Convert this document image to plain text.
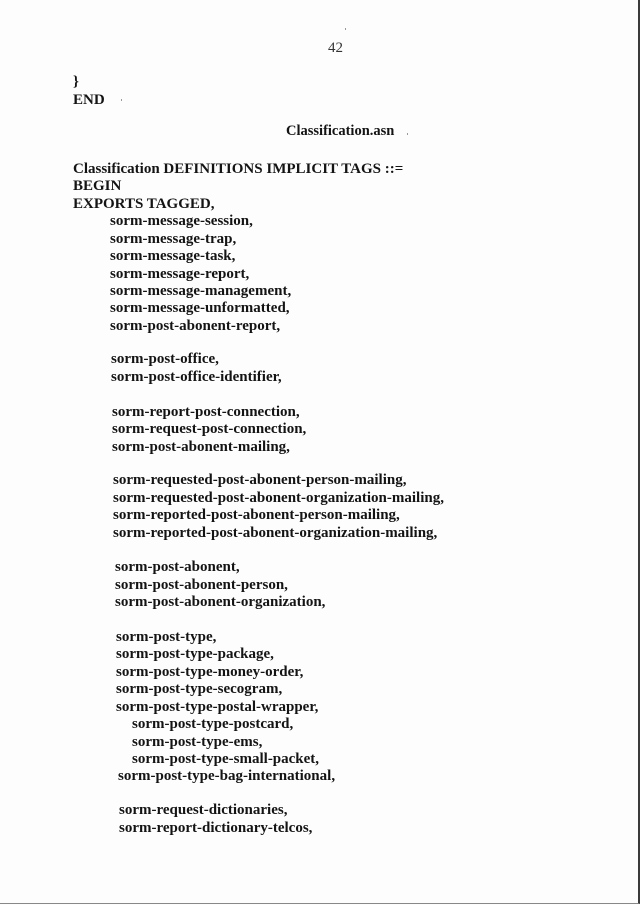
42
}
END
Classification.asn
Classification DEFINITIONS IMPLICIT TAGS ::=
BEGIN
EXPORTS TAGGED,
sorm-message-session,
sorm-message-trap,
sorm-message-task,
sorm-message-report,
sorm-message-management,
sorm-message-unformatted,
sorm-post-abonent-report,
sorm-post-office,
sorm-post-office-identifier,
sorm-report-post-connection,
sorm-request-post-connection,
sorm-post-abonent-mailing,
sorm-requested-post-abonent-person-mailing,
sorm-requested-post-abonent-organization-mailing,
sorm-reported-post-abonent-person-mailing,
sorm-reported-post-abonent-organization-mailing,
sorm-post-abonent,
sorm-post-abonent-person,
sorm-post-abonent-organization,
sorm-post-type,
sorm-post-type-package,
sorm-post-type-money-order,
sorm-post-type-secogram,
sorm-post-type-postal-wrapper,
sorm-post-type-postcard,
sorm-post-type-ems,
sorm-post-type-small-packet,
sorm-post-type-bag-international,
sorm-request-dictionaries,
sorm-report-dictionary-telcos,
